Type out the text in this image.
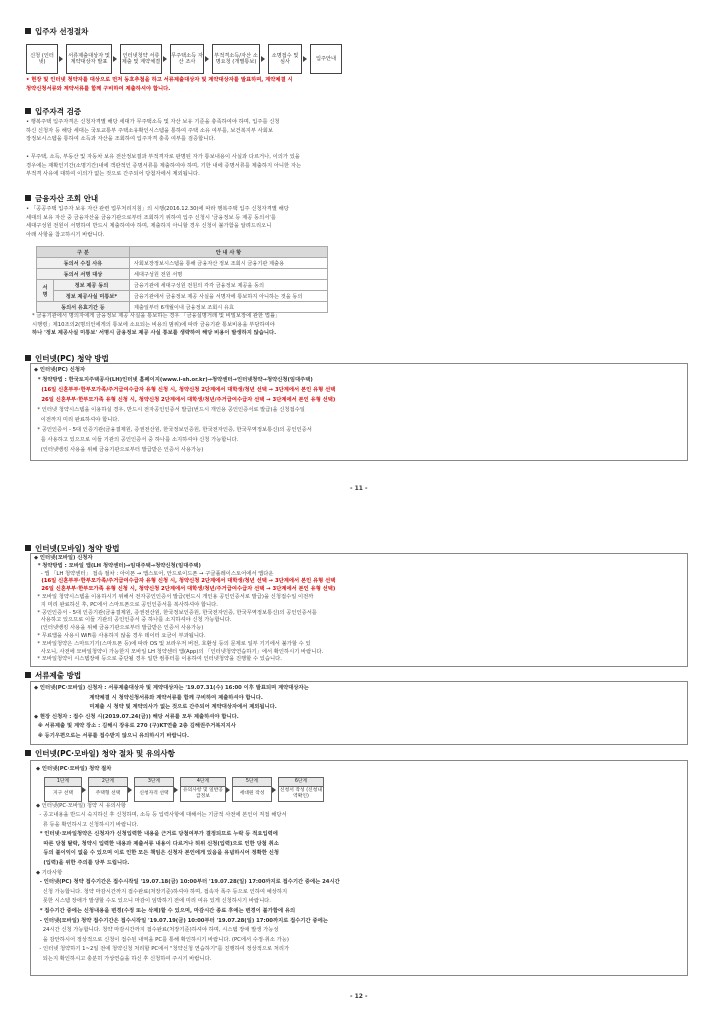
입주자 선정절차
신청 (인터넷)
서류제출대상자 및 계약대상자 발표
인터넷청약 서류제출 및 계약체결
무주택소득 자산 조사
부적격소득/자산 소명요청 (개별통보)
소명접수 및 심사
입주안내
• 현장 및 인터넷 청약자를 대상으로 먼저 동호추첨을 하고 서류제출대상자 및 계약대상자를 발표하며, 계약체결 시
청약신청서류와 계약서류를 함께 구비하여 제출하셔야 합니다.
입주자격 검증
• 행복주택 입주자격은 신청자격별 해당 세대가 무주택소득 및 자산 보유 기준을 충족하여야 하며, 입주를 신청
하신 신청자 등 해당 세대는 국토교통부 주택소유확인시스템을 통하여 주택 소유 여부를, 보건복지부 사회보
장정보시스템을 통하여 소득과 자산을 조회하여 입주자격 충족 여부를 검증합니다.
• 무주택, 소득, 부동산 및 자동차 보유 전산정보결과 부적격자로 판명된 자가 통보내용이 사실과 다르거나, 이의가 있을
경우에는 재확인기간(소명기간)내에 객관적인 증명서류를 제출하여야 하며, 기한 내에 증명서류를 제출하지 아니한 자는
부적격 사유에 대하여 이의가 없는 것으로 간주되어 당첨자에서 제외됩니다.
금융자산 조회 안내
• 「공공주택 입주자 보유 자산 관련 업무처리지침」의 시행(2016.12.30)에 따라 행복주택 입주 신청자격별 해당
세대의 보유 자산 중 금융자산을 금융기관으로부터 조회하기 위하여 입주 신청시 '금융정보 등 제공 동의서'를
세대구성원 전원이 서명하여 반드시 제출하여야 하며, 제출하지 아니할 경우 신청이 불가함을 알려드리오니
아래 사항을 참고하시기 바랍니다.
구 분		안 내 사 항
동의서 수집 사유		사회보장정보시스템을 통해 금융자산 정보 조회시 금융기관 제출용
동의서 서명 대상		세대구성원 전원 서명
서명	정보 제공 동의	금융기관에 세대구성원 전원의 각각 금융정보 제공을 동의
	정보 제공사실 미통보*	금융기관에서 금융정보 제공 사실을 서명자에 통보하지 아니하는 것을 동의
동의서 유효기간 등		제출일부터 6개월이내 금융정보 조회시 유효
* 금융기관에서 명의자에게 금융정보 제공 사실을 통보하는 경우 「금융실명거래 및 비밀보장에 관한 법률」
시행령」제10조의2(명의인에게의 통보에 소요되는 비용의 범위)에 따라 금융기관 통보비용을 부담하여야
하나 '정보 제공사실 미통보' 서명시 금융정보 제공 사실 통보를 생략하여 해당 비용이 발생하지 않습니다.
인터넷(PC) 청약 방법
◆ 인터넷(PC) 신청자
* 청약방법 : 한국토지주택공사(LH)인터넷 홈페이지(www.i-sh.or.kr)→청약센터→인터넷청약→청약신청(임대주택)
(16일 신혼부부·한부모가족/주거급여수급자 유형 신청 시, 청약신청 2단계에서 대학생/청년 선택 → 3단계에서 본인 유형 선택
26일 신혼부부·한부모가족 유형 신청 시, 청약신청 2단계에서 대학생/청년/주거급여수급자 선택 → 3단계에서 본인 유형 선택)
* 인터넷 청약시스템을 이용하실 경우, 반드시 전자공인인증서 발급(번드시 개인용 공인인증서로 발급)을 신청접수일
이전까지 미리 완료하셔야 합니다.
* 공인인증서 - 5대 인증기관(금융결제원, 증권전산원, 한국정보인증원, 한국전자인증, 한국무역정보통신)의 공인인증서
를 사용하고 있으므로 이들 기관의 공인인증서 중 하나를 소지하셔야 신청 가능합니다.
(인터넷뱅킹 사용을 위해 금융기관으로부터 발급받은 인증서 사용가능)
- 11 -
인터넷(모바일) 청약 방법
◆ 인터넷(모바일) 신청자
* 청약방법 : 모바일 앱(LH 청약센터)→임대주택→청약신청(임대주택)
- 앱 「LH 청약센터」 접속 절차 : 아이폰 → 앱스토어, 안드로이드폰 → 구글플레이스토어에서 앱다운
(16일 신혼부부·한부모가족/주거급여수급자 유형 신청 시, 청약신청 2단계에서 대학생/청년 선택 → 3단계에서 본인 유형 선택
26일 신혼부부·한부모가족 유형 신청 시, 청약신청 2단계에서 대학생/청년/주거급여수급자 선택 → 3단계에서 본인 유형 선택)
* 모바일 청약시스템을 이용하시기 위해서 전자공인인증서 발급(번드시 개인용 공인인증서로 발급)을 신청접수일 이전까
지 미리 완료하신 후, PC에서 스마트폰으로 공인인증서를 복사하셔야 합니다.
* 공인인증서 - 5대 인증기관(금융결제원, 증권전산원, 한국정보인증원, 한국전자인증, 한국무역정보통신)의 공인인증서를
사용하고 있으므로 이들 기관의 공인인증서 중 하나를 소지하셔야 신청 가능합니다.
(인터넷뱅킹 사용을 위해 금융기관으로부터 발급받은 인증서 사용가능)
* 무료앱을 사용시 WiFi를 사용하지 않을 경우 데이터 요금이 부과됩니다.
* 모바일청약은 스마트기기(스마트폰 등)에 따라 OS 및 브라우저 버전, 호환성 등의 문제로 일부 기기에서 불가할 수 있
사오니, 사전에 모바일청약이 가능한지 모바일 LH 청약센터 앱(App)의 「인터넷청약연습하기」에서 확인하시기 바랍니다.
* 모바일청약이 시스템장애 등으로 중단될 경우 일반 컴퓨터를 이용하여 인터넷청약을 진행할 수 있습니다.
서류제출 방법
◆ 인터넷(PC·모바일) 신청자 : 서류제출대상자 및 계약대상자는 '19.07.31(수) 16:00 이후 발표되며 계약대상자는
계약체결 시 청약신청서류와 계약서류를 함께 구비하여 제출하셔야 합니다.
미제출 시 청약 및 계약의사가 없는 것으로 간주되어 계약대상자에서 제외됩니다.
◆ 현장 신청자 : 접수 신청 시(2019.07.24(금)) 해당 서류를 모두 제출하셔야 합니다.
※ 서류제출 및 계약 장소 : 김해시 장유로 270 (구)KT연출 2층 김해권주거복지지사
※ 등기우편으로는 서류를 접수받지 않으니 유의하시기 바랍니다.
인터넷(PC·모바일) 청약 절차 및 유의사항
◆ 인터넷(PC·모바일) 청약 절차
1단계
지구 선택
2단계
주택형 선택
3단계
신청자격 선택
4단계
유의사항 및 일반공급정보
5단계
세대원 작성
6단계
신청서 작성 (신청내역확인)
◆ 인터넷(PC·모바일) 청약 시 유의사항
- 공고내용을 반드시 숙지하신 후 신청하며, 소득 등 입력사항에 대해서는 기금적 사전에 본인이 직접 해당서
류 등을 확인하시고 신청하시기 바랍니다.
* 인터넷·모바일청약은 신청자가 신청입력한 내용을 근거로 당첨여부가 결정되므로 누락 등 적요입력에
따른 당첨 탈락, 청약시 입력한 내용과 제출서류 내용이 다르거나 허위 신청(입력)으로 인한 당첨 취소
등의 불이익이 없을 수 있으며 이로 인한 모든 책임은 신청자 본인에게 있음을 유념하시어 정확한 신청
(입력)을 위한 주의를 당부 드립니다.
◆ 기타사항
- 인터넷(PC) 청약 접수기간은 접수시작일 '19.07.18(금) 10:00부터 '19.07.28(일) 17:00까지로 접수기간 중에는 24시간
신청 가능합니다. 청약 마감시간까지 접수완료(처장기준)하셔야 하며, 접속자 폭주 등으로 인하여 예상하지
못한 시스템 장애가 발생할 수도 있으니 마감이 임박하기 전에 미리 여유 있게 신청하시기 바랍니다.
* 접수기간 중에는 신청내용을 변경(수정 또는 삭제)할 수 있으며, 마감시간 종료 후에는 변경이 불가함에 유의
- 인터넷(모바일) 청약 접수기간은 접수시작일 '19.07.19(금) 10:00부터 '19.07.28(일) 17:00까지로 접수기간 중에는
24시간 신청 가능합니다. 청약 마감시간까지 접수완료(처장기준)하셔야 하며, 시스템 장애 발생 가능성
을 감안하시어 정상적으로 신청이 접수된 내역을 PC를 통해 확인하시기 바랍니다. (PC에서 수정·취소 가능)
- 인터넷 청약하기 1~2일 전에 청약신청 처리할 PC에서 "청약신청 연습하기"를 진행하여 정상적으로 처리가
되는지 확인하시고 충분히 가상연습을 하신 후 신청하여 주시기 바랍니다.
- 12 -
